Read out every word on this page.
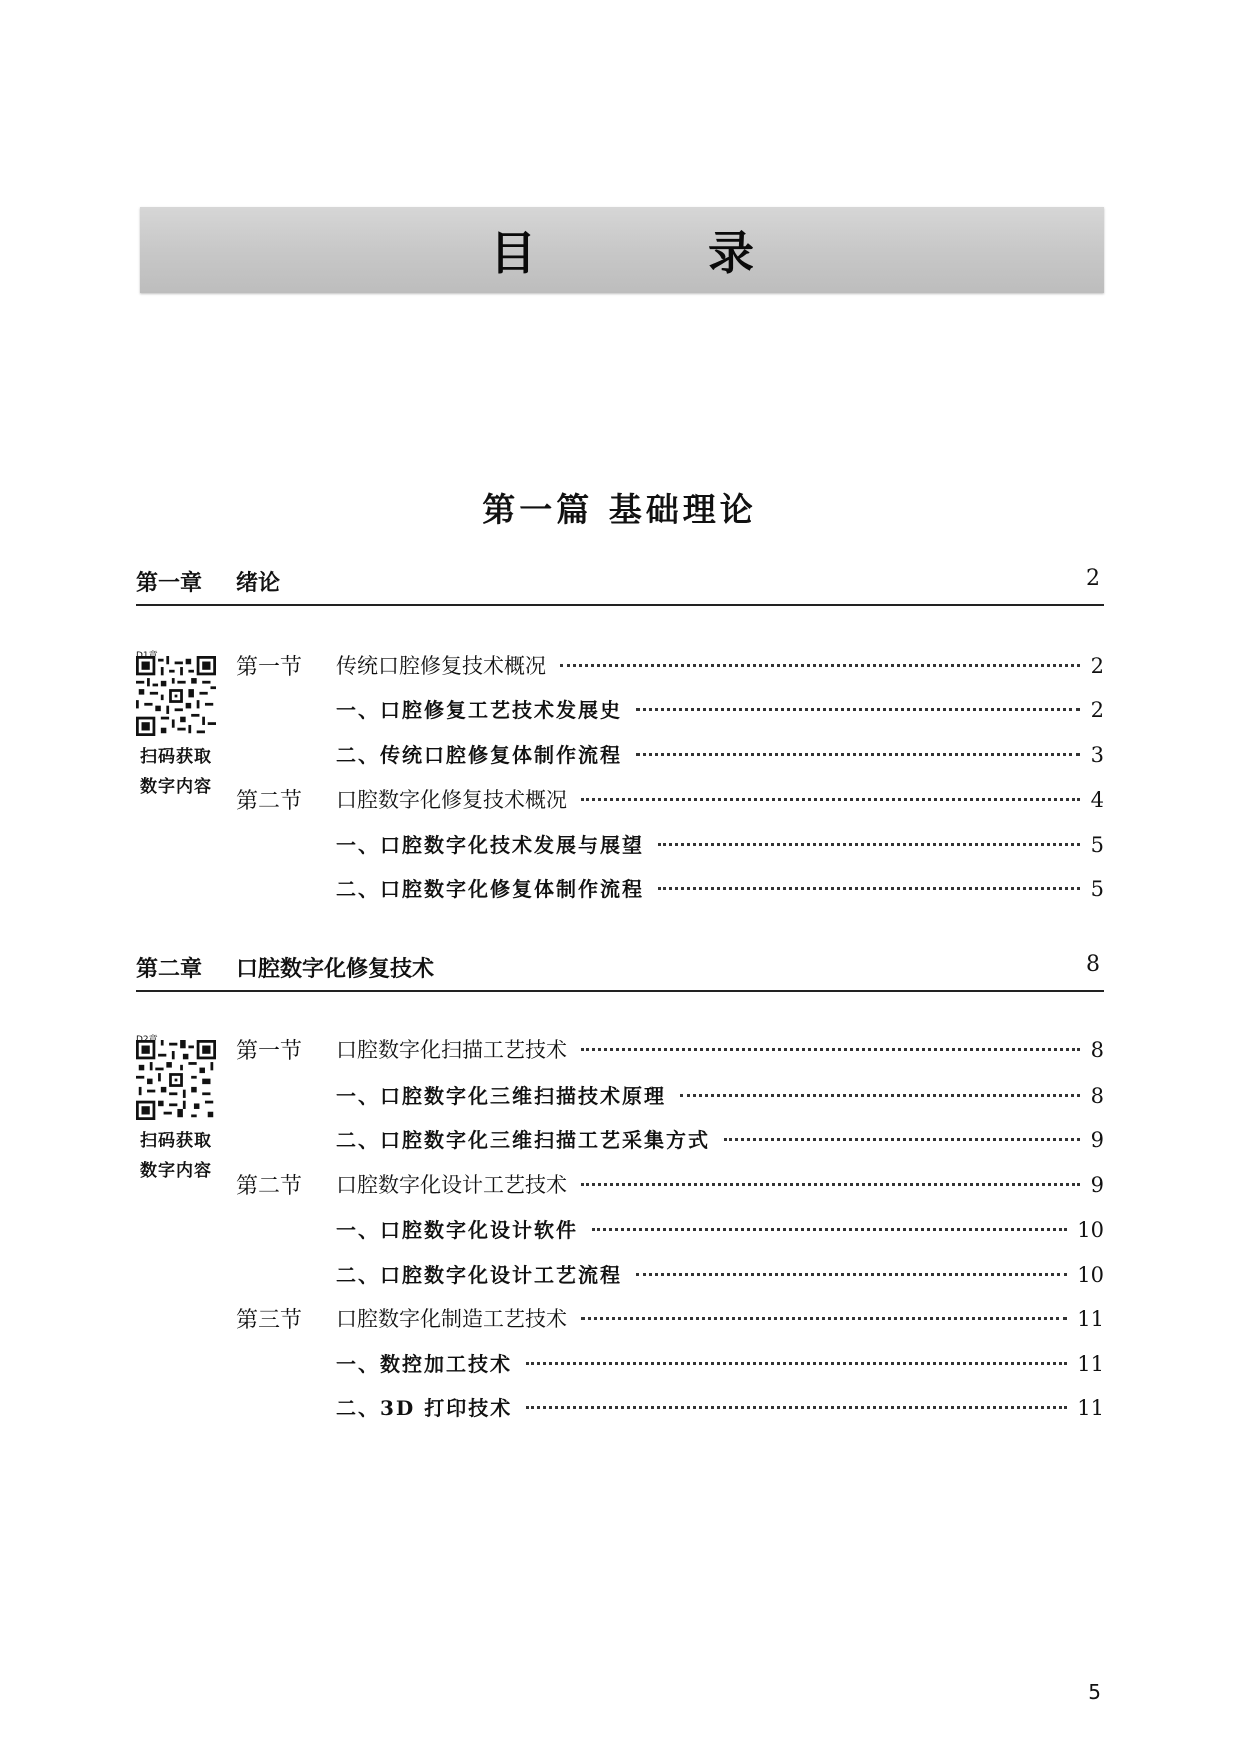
目 录
第一篇 基础理论
第一章 绪论	2
扫码获取
数字内容
第一节 传统口腔修复技术概况	2
一、口腔修复工艺技术发展史	2
二、传统口腔修复体制作流程	3
第二节 口腔数字化修复技术概况	4
一、口腔数字化技术发展与展望	5
二、口腔数字化修复体制作流程	5
第二章 口腔数字化修复技术	8
扫码获取
数字内容
第一节 口腔数字化扫描工艺技术	8
一、口腔数字化三维扫描技术原理	8
二、口腔数字化三维扫描工艺采集方式	9
第二节 口腔数字化设计工艺技术	9
一、口腔数字化设计软件	10
二、口腔数字化设计工艺流程	10
第三节 口腔数字化制造工艺技术	11
一、数控加工技术	11
二、3D 打印技术	11
5
